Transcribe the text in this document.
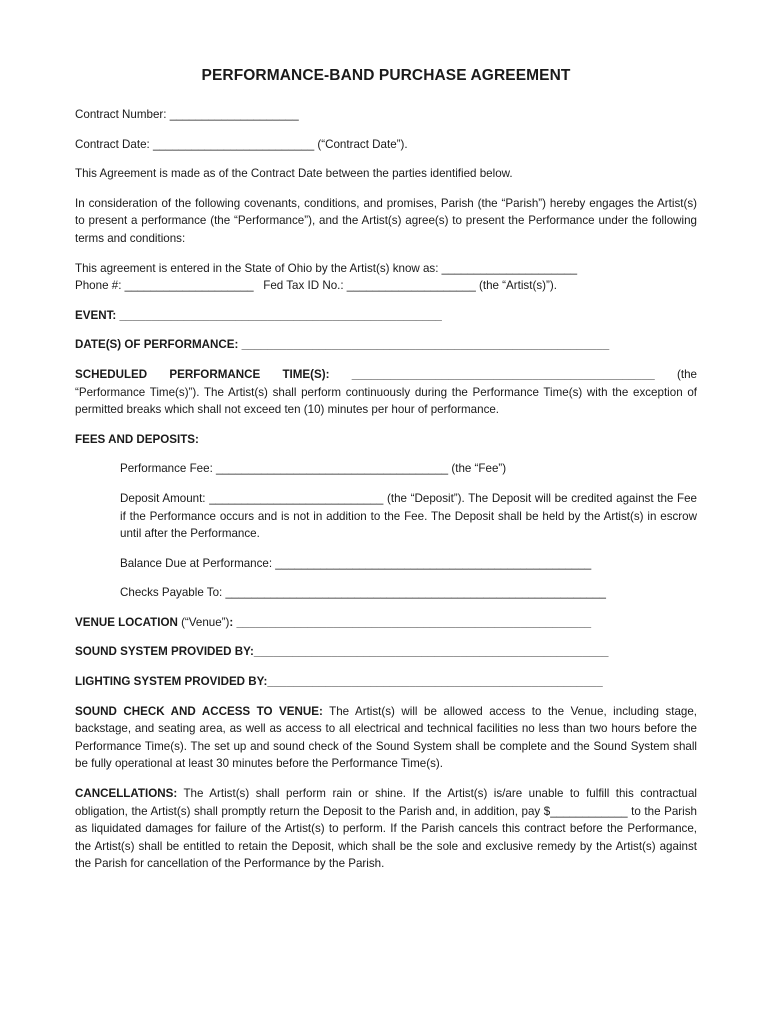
PERFORMANCE-BAND PURCHASE AGREEMENT

Contract Number: ____________________

Contract Date: _________________________ (“Contract Date”).

This Agreement is made as of the Contract Date between the parties identified below.

In consideration of the following covenants, conditions, and promises, Parish (the “Parish”) hereby engages the Artist(s) to present a performance (the “Performance”), and the Artist(s) agree(s) to present the Performance under the following terms and conditions:

This agreement is entered in the State of Ohio by the Artist(s) know as: _____________________
Phone #: ____________________   Fed Tax ID No.: ____________________ (the “Artist(s)”).

EVENT: __________________________________________________

DATE(S) OF PERFORMANCE: _________________________________________________________

SCHEDULED PERFORMANCE TIME(S): _______________________________________________ (the
“Performance Time(s)”). The Artist(s) shall perform continuously during the Performance Time(s) with the exception of permitted breaks which shall not exceed ten (10) minutes per hour of performance.

FEES AND DEPOSITS:

Performance Fee: ____________________________________ (the “Fee”)

Deposit Amount: ___________________________ (the “Deposit”). The Deposit will be credited against the Fee if the Performance occurs and is not in addition to the Fee. The Deposit shall be held by the Artist(s) in escrow until after the Performance.

Balance Due at Performance: _________________________________________________

Checks Payable To: ___________________________________________________________

VENUE LOCATION (“Venue”): _______________________________________________________

SOUND SYSTEM PROVIDED BY:_______________________________________________________

LIGHTING SYSTEM PROVIDED BY:____________________________________________________

SOUND CHECK AND ACCESS TO VENUE: The Artist(s) will be allowed access to the Venue, including stage, backstage, and seating area, as well as access to all electrical and technical facilities no less than two hours before the Performance Time(s). The set up and sound check of the Sound System shall be complete and the Sound System shall be fully operational at least 30 minutes before the Performance Time(s).

CANCELLATIONS: The Artist(s) shall perform rain or shine. If the Artist(s) is/are unable to fulfill this contractual obligation, the Artist(s) shall promptly return the Deposit to the Parish and, in addition, pay $____________ to the Parish as liquidated damages for failure of the Artist(s) to perform. If the Parish cancels this contract before the Performance, the Artist(s) shall be entitled to retain the Deposit, which shall be the sole and exclusive remedy by the Artist(s) against the Parish for cancellation of the Performance by the Parish.
